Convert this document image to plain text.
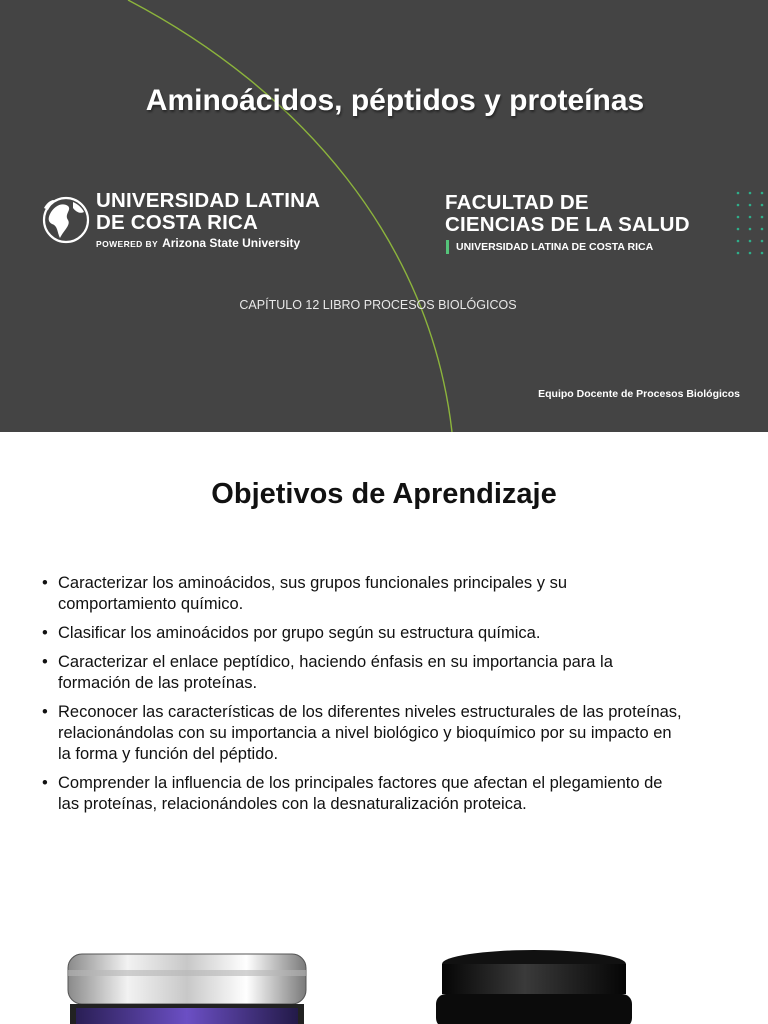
Aminoácidos, péptidos y proteínas
UNIVERSIDAD LATINA
DE COSTA RICA
POWERED BY Arizona State University
FACULTAD DE
CIENCIAS DE LA SALUD
UNIVERSIDAD LATINA DE COSTA RICA
CAPÍTULO 12 LIBRO PROCESOS BIOLÓGICOS
Equipo Docente de Procesos Biológicos
Objetivos de Aprendizaje
• Caracterizar los aminoácidos, sus grupos funcionales principales y su
comportamiento químico.
• Clasificar los aminoácidos por grupo según su estructura química.
• Caracterizar el enlace peptídico, haciendo énfasis en su importancia para la
formación de las proteínas.
• Reconocer las características de los diferentes niveles estructurales de las proteínas,
relacionándolas con su importancia a nivel biológico y bioquímico por su impacto en
la forma y función del péptido.
• Comprender la influencia de los principales factores que afectan el plegamiento de
las proteínas, relacionándoles con la desnaturalización proteica.
